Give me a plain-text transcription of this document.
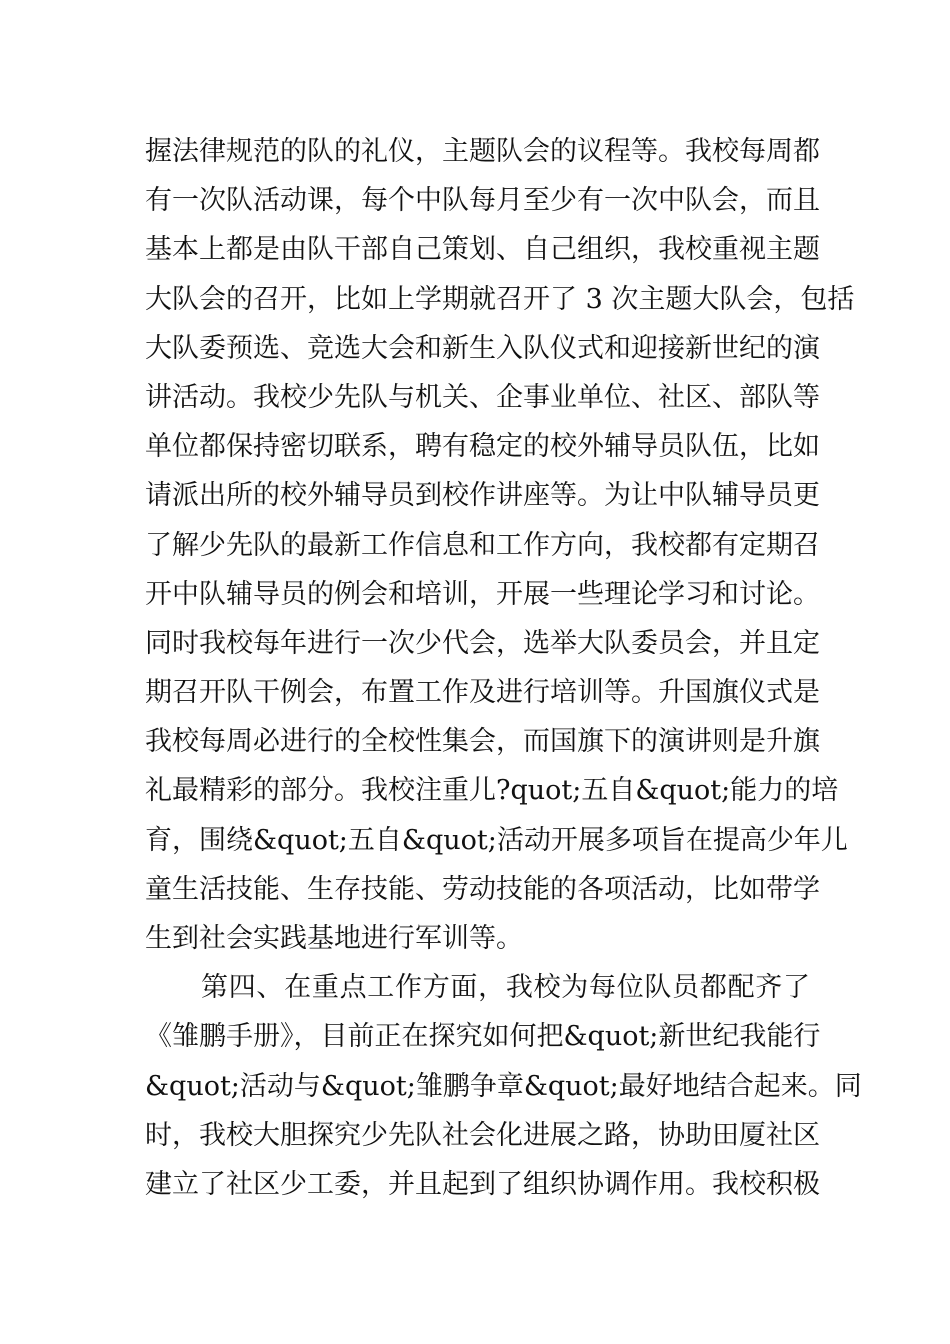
握法律规范的队的礼仪，主题队会的议程等。我校每周都
有一次队活动课，每个中队每月至少有一次中队会，而且
基本上都是由队干部自己策划、自己组织，我校重视主题
大队会的召开，比如上学期就召开了 3 次主题大队会，包括
大队委预选、竞选大会和新生入队仪式和迎接新世纪的演
讲活动。我校少先队与机关、企事业单位、社区、部队等
单位都保持密切联系，聘有稳定的校外辅导员队伍，比如
请派出所的校外辅导员到校作讲座等。为让中队辅导员更
了解少先队的最新工作信息和工作方向，我校都有定期召
开中队辅导员的例会和培训，开展一些理论学习和讨论。
同时我校每年进行一次少代会，选举大队委员会，并且定
期召开队干例会，布置工作及进行培训等。升国旗仪式是
我校每周必进行的全校性集会，而国旗下的演讲则是升旗
礼最精彩的部分。我校注重儿?quot;五自&quot;能力的培
育，围绕&quot;五自&quot;活动开展多项旨在提高少年儿
童生活技能、生存技能、劳动技能的各项活动，比如带学
生到社会实践基地进行军训等。
第四、在重点工作方面，我校为每位队员都配齐了
《雏鹏手册》，目前正在探究如何把&quot;新世纪我能行
&quot;活动与&quot;雏鹏争章&quot;最好地结合起来。同
时，我校大胆探究少先队社会化进展之路，协助田厦社区
建立了社区少工委，并且起到了组织协调作用。我校积极
